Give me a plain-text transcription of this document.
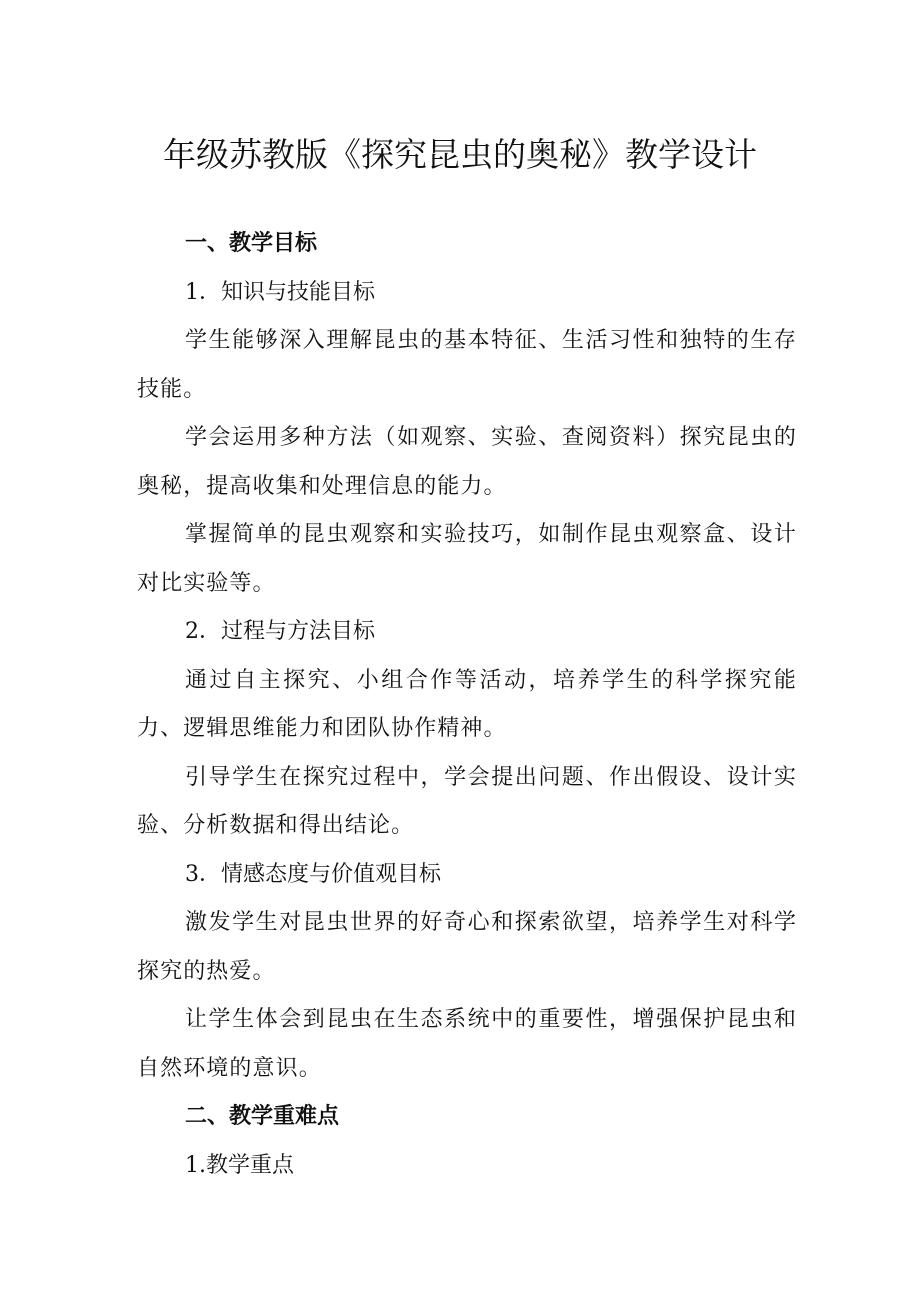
年级苏教版《探究昆虫的奥秘》教学设计

一、教学目标

1．知识与技能目标

学生能够深入理解昆虫的基本特征、生活习性和独特的生存技能。

学会运用多种方法（如观察、实验、查阅资料）探究昆虫的奥秘，提高收集和处理信息的能力。

掌握简单的昆虫观察和实验技巧，如制作昆虫观察盒、设计对比实验等。

2．过程与方法目标

通过自主探究、小组合作等活动，培养学生的科学探究能力、逻辑思维能力和团队协作精神。

引导学生在探究过程中，学会提出问题、作出假设、设计实验、分析数据和得出结论。

3．情感态度与价值观目标

激发学生对昆虫世界的好奇心和探索欲望，培养学生对科学探究的热爱。

让学生体会到昆虫在生态系统中的重要性，增强保护昆虫和自然环境的意识。

二、教学重难点

1.教学重点
